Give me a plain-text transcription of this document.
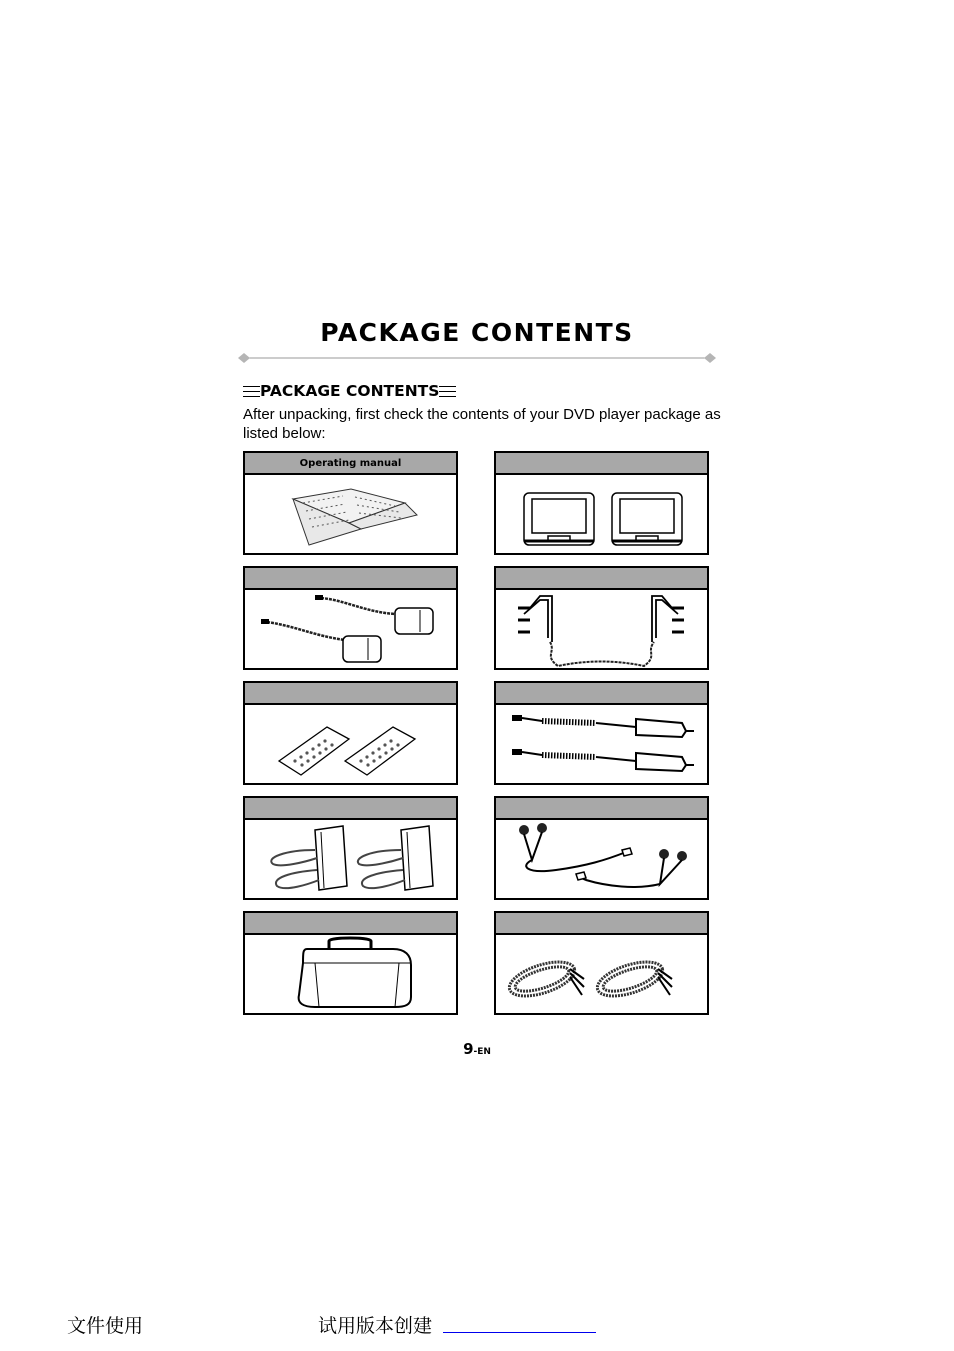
PACKAGE CONTENTS
PACKAGE CONTENTS
After unpacking, first check the contents of your DVD player package as listed below:
Operating manual
9-EN
文件使用	试用版本创建
